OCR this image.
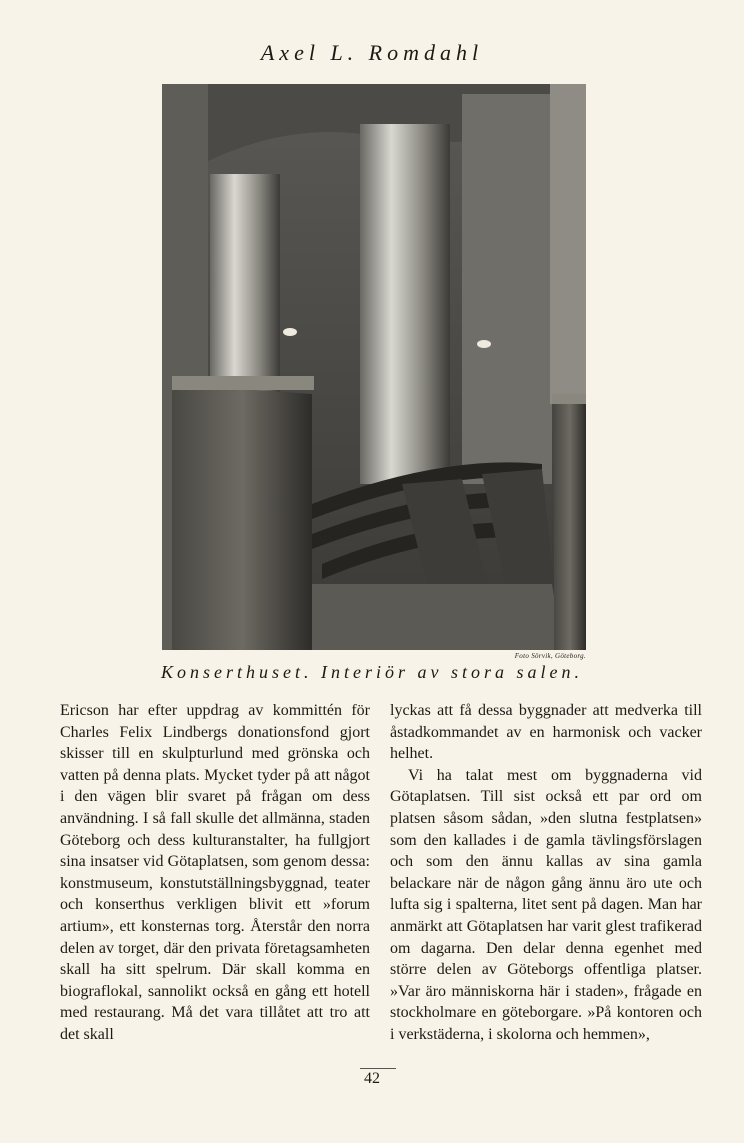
Axel L. Romdahl
Foto Sörvik, Göteborg.
Konserthuset. Interiör av stora salen.

Ericson har efter uppdrag av kommittén för Charles Felix Lindbergs donationsfond gjort skisser till en skulpturlund med grönska och vatten på denna plats. Mycket tyder på att något i den vägen blir svaret på frågan om dess användning. I så fall skulle det allmänna, staden Göteborg och dess kulturanstalter, ha fullgjort sina insatser vid Götaplatsen, som genom dessa: konstmuseum, konstutställningsbyggnad, teater och konserthus verkligen blivit ett »forum artium», ett konsternas torg. Återstår den norra delen av torget, där den privata företagsamheten skall ha sitt spelrum. Där skall komma en biograflokal, sannolikt också en gång ett hotell med restaurang. Må det vara tillåtet att tro att det skall

lyckas att få dessa byggnader att medverka till åstadkommandet av en harmonisk och vacker helhet.

Vi ha talat mest om byggnaderna vid Götaplatsen. Till sist också ett par ord om platsen såsom sådan, »den slutna festplatsen» som den kallades i de gamla tävlingsförslagen och som den ännu kallas av sina gamla belackare när de någon gång ännu äro ute och lufta sig i spalterna, litet sent på dagen. Man har anmärkt att Götaplatsen har varit glest trafikerad om dagarna. Den delar denna egenhet med större delen av Göteborgs offentliga platser. »Var äro människorna här i staden», frågade en stockholmare en göteborgare. »På kontoren och i verkstäderna, i skolorna och hemmen»,

42
